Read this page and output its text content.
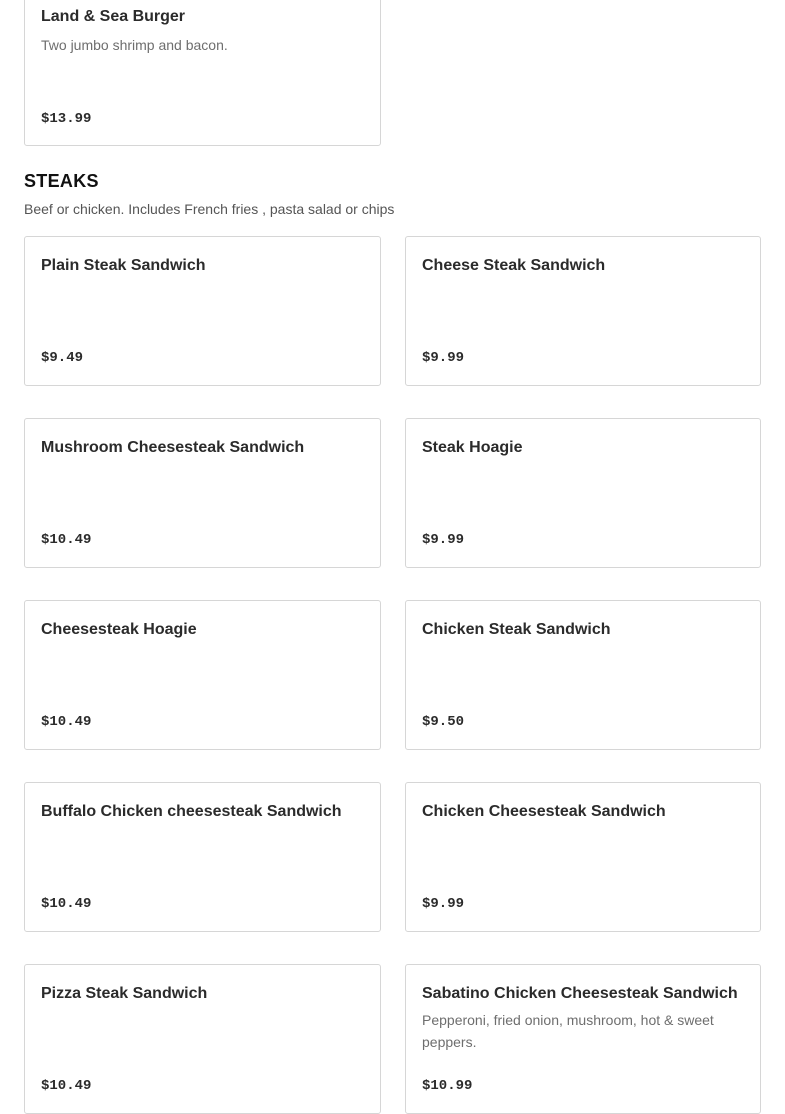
Land & Sea Burger
Two jumbo shrimp and bacon.
$13.99
STEAKS
Beef or chicken. Includes French fries , pasta salad or chips
Plain Steak Sandwich
$9.49
Cheese Steak Sandwich
$9.99
Mushroom Cheesesteak Sandwich
$10.49
Steak Hoagie
$9.99
Cheesesteak Hoagie
$10.49
Chicken Steak Sandwich
$9.50
Buffalo Chicken cheesesteak Sandwich
$10.49
Chicken Cheesesteak Sandwich
$9.99
Pizza Steak Sandwich
$10.49
Sabatino Chicken Cheesesteak Sandwich
Pepperoni, fried onion, mushroom, hot & sweet peppers.
$10.99
